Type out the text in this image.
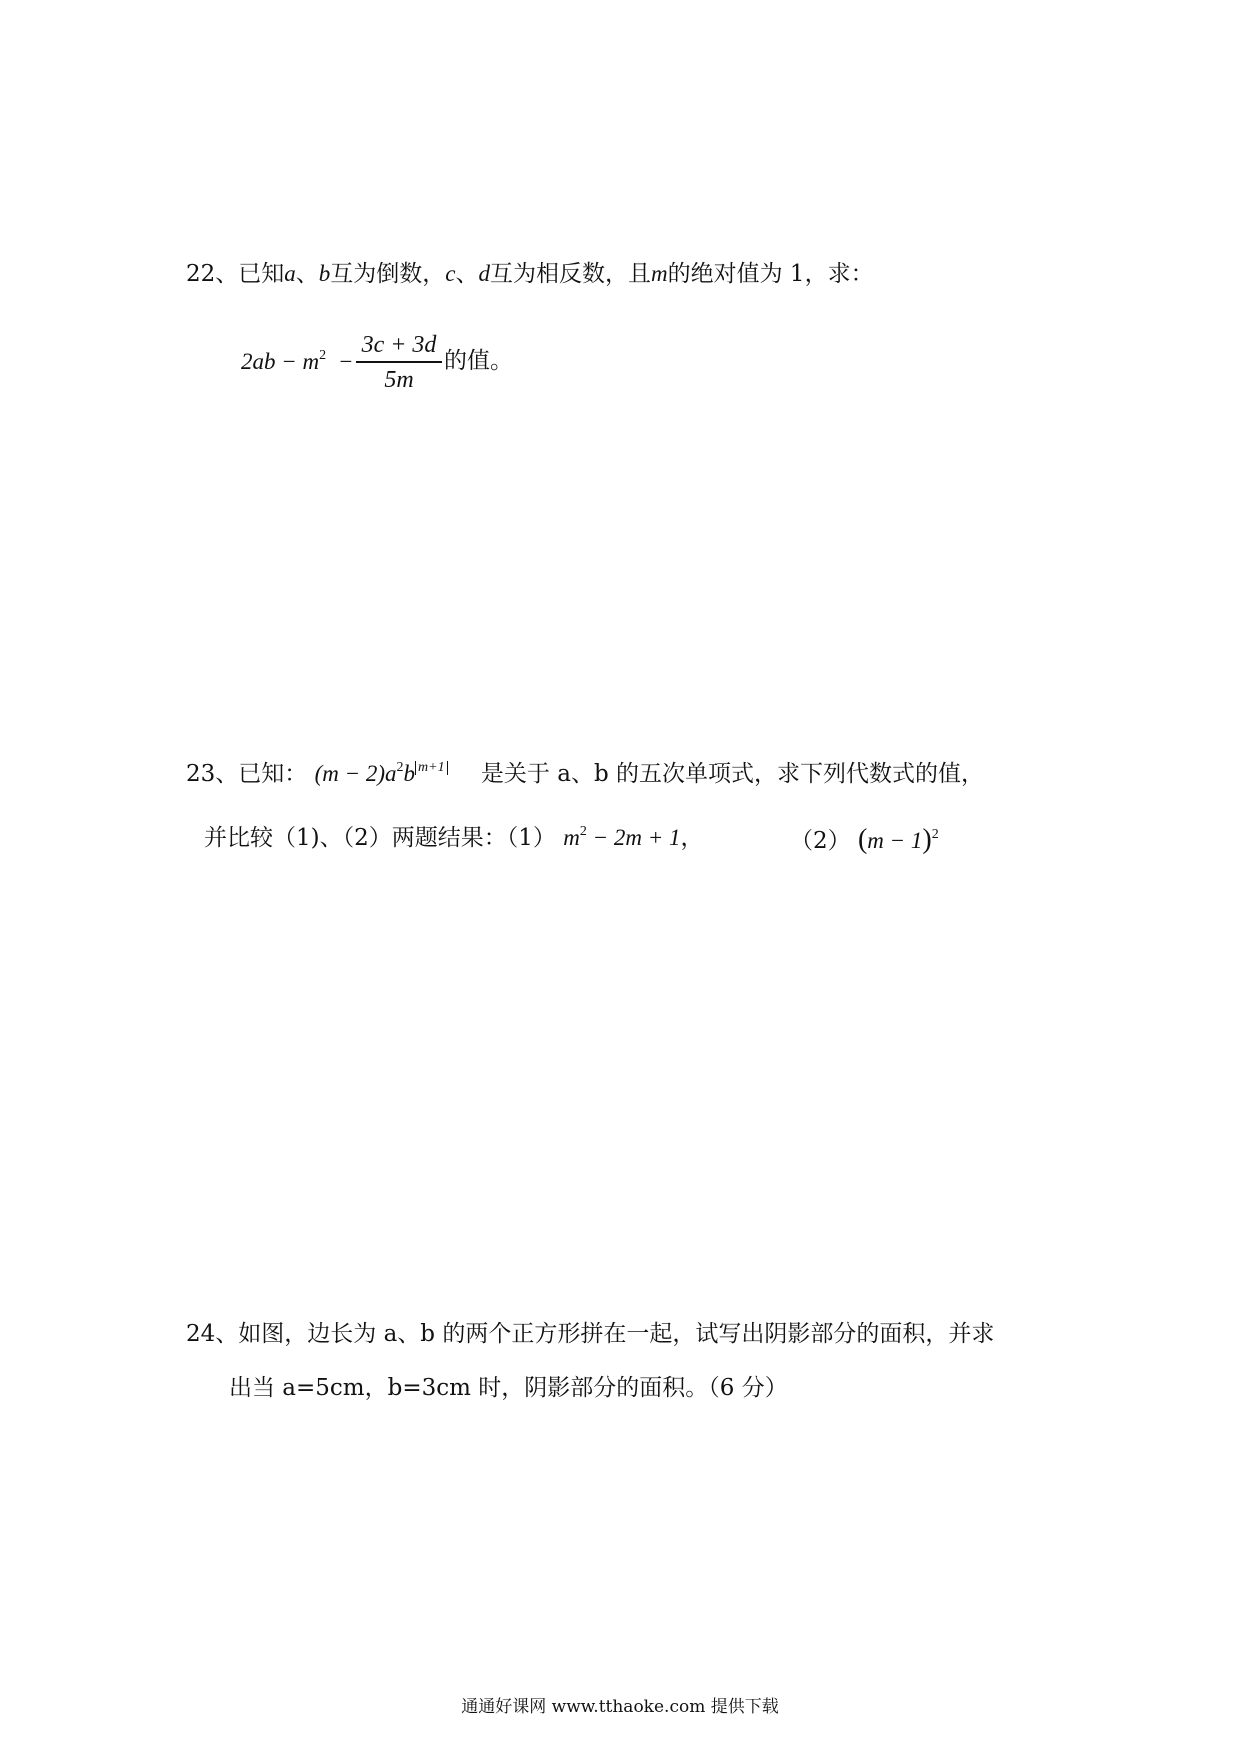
22、已知a、b互为倒数，c、d互为相反数，且m的绝对值为 1，求：
$2ab - m^2$ −
3c + 3d
5m
的值。
23、已知： $(m - 2)a^2b$ $^{m+1}$ 是关于 a、b 的五次单项式，求下列代数式的值，
并比较（1)、（2）两题结果：（1） $m^2 - 2m + 1$，	（2） $(m - 1)^2$
24、如图，边长为 a、b 的两个正方形拼在一起，试写出阴影部分的面积，并求
出当 a=5cm，b=3cm 时，阴影部分的面积。（6 分）
通通好课网 www.tthaoke.com 提供下载
